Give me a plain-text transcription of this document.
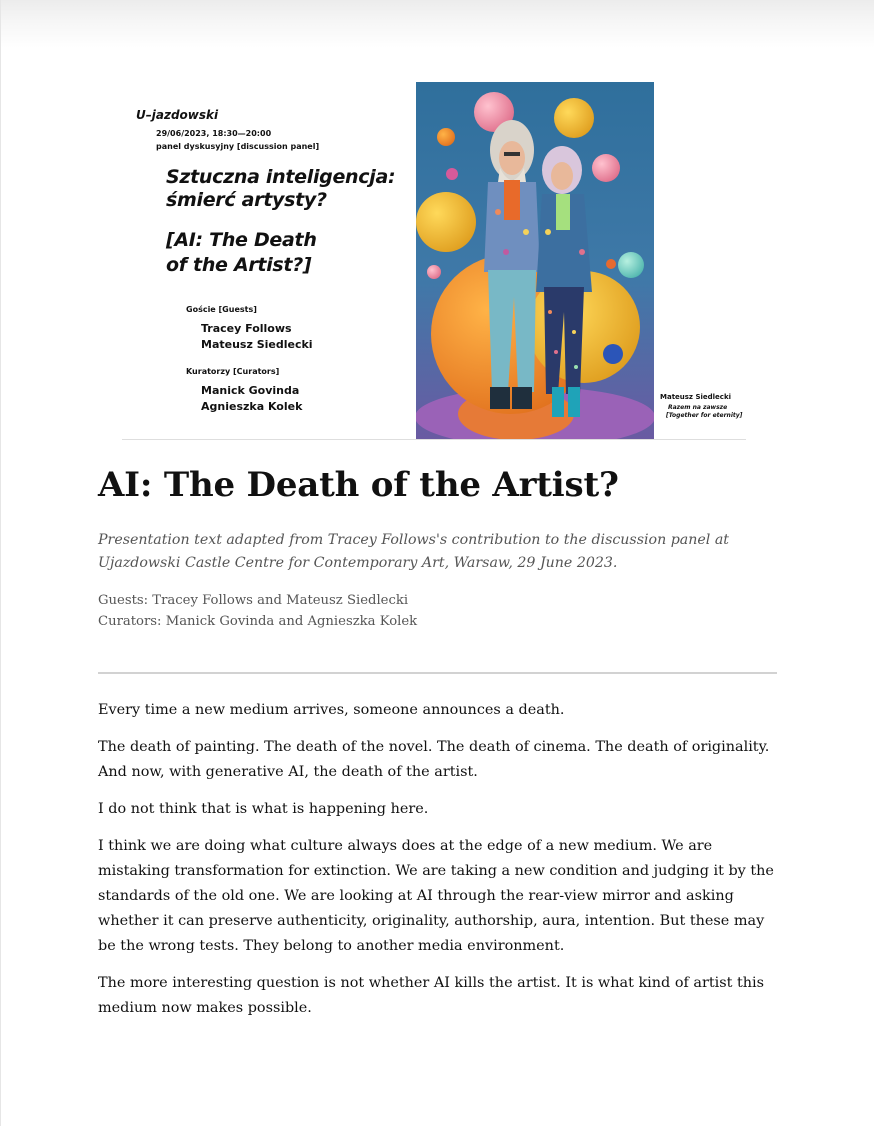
U–jazdowski
29/06/2023, 18:30—20:00
panel dyskusyjny [discussion panel]
Sztuczna inteligencja:
śmierć artysty?
[AI: The Death
of the Artist?]
Goście [Guests]
Tracey Follows
Mateusz Siedlecki
Kuratorzy [Curators]
Manick Govinda
Agnieszka Kolek
Mateusz Siedlecki
Razem na zawsze
[Together for eternity]
AI: The Death of the Artist?

Presentation text adapted from Tracey Follows's contribution to the discussion panel at Ujazdowski Castle Centre for Contemporary Art, Warsaw, 29 June 2023.

Guests: Tracey Follows and Mateusz Siedlecki
Curators: Manick Govinda and Agnieszka Kolek

Every time a new medium arrives, someone announces a death.

The death of painting. The death of the novel. The death of cinema. The death of originality. And now, with generative AI, the death of the artist.

I do not think that is what is happening here.

I think we are doing what culture always does at the edge of a new medium. We are mistaking transformation for extinction. We are taking a new condition and judging it by the standards of the old one. We are looking at AI through the rear-view mirror and asking whether it can preserve authenticity, originality, authorship, aura, intention. But these may be the wrong tests. They belong to another media environment.

The more interesting question is not whether AI kills the artist. It is what kind of artist this medium now makes possible.
